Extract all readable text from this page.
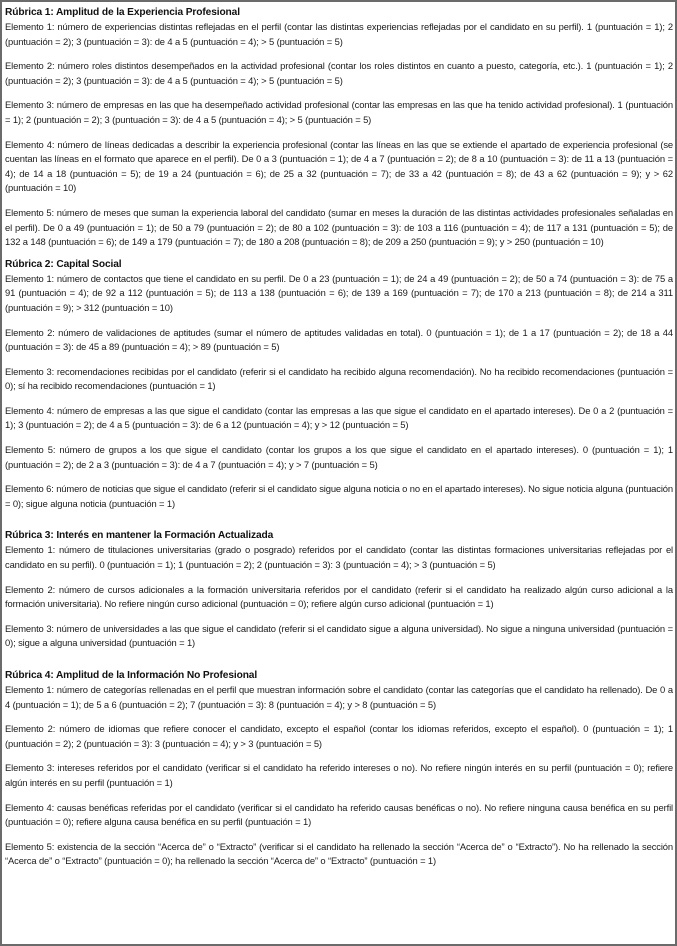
Rúbrica 1: Amplitud de la Experiencia Profesional

Elemento 1: número de experiencias distintas reflejadas en el perfil (contar las distintas experiencias reflejadas por el candidato en su perfil). 1 (puntuación = 1); 2 (puntuación = 2); 3 (puntuación = 3): de 4 a 5 (puntuación = 4); > 5 (puntuación = 5)

Elemento 2: número roles distintos desempeñados en la actividad profesional (contar los roles distintos en cuanto a puesto, categoría, etc.). 1 (puntuación = 1); 2 (puntuación = 2); 3 (puntuación = 3): de 4 a 5 (puntuación = 4); > 5 (puntuación = 5)

Elemento 3: número de empresas en las que ha desempeñado actividad profesional (contar las empresas en las que ha tenido actividad profesional). 1 (puntuación = 1); 2 (puntuación = 2); 3 (puntuación = 3): de 4 a 5 (puntuación = 4); > 5 (puntuación = 5)

Elemento 4: número de líneas dedicadas a describir la experiencia profesional (contar las líneas en las que se extiende el apartado de experiencia profesional (se cuentan las líneas en el formato que aparece en el perfil). De 0 a 3 (puntuación = 1); de 4 a 7 (puntuación = 2); de 8 a 10 (puntuación = 3): de 11 a 13 (puntuación = 4); de 14 a 18 (puntuación = 5); de 19 a 24 (puntuación = 6); de 25 a 32 (puntuación = 7); de 33 a 42 (puntuación = 8); de 43 a 62 (puntuación = 9); y > 62 (puntuación = 10)

Elemento 5: número de meses que suman la experiencia laboral del candidato (sumar en meses la duración de las distintas actividades profesionales señaladas en el perfil). De 0 a 49 (puntuación = 1); de 50 a 79 (puntuación = 2); de 80 a 102 (puntuación = 3): de 103 a 116 (puntuación = 4); de 117 a 131 (puntuación = 5); de 132 a 148 (puntuación = 6); de 149 a 179 (puntuación = 7); de 180 a 208 (puntuación = 8); de 209 a 250 (puntuación = 9); y > 250 (puntuación = 10)

Rúbrica 2: Capital Social

Elemento 1: número de contactos que tiene el candidato en su perfil. De 0 a 23 (puntuación = 1); de 24 a 49 (puntuación = 2); de 50 a 74 (puntuación = 3): de 75 a 91 (puntuación = 4); de 92 a 112 (puntuación = 5); de 113 a 138 (puntuación = 6); de 139 a 169 (puntuación = 7); de 170 a 213 (puntuación = 8); de 214 a 311 (puntuación = 9); > 312 (puntuación = 10)

Elemento 2: número de validaciones de aptitudes (sumar el número de aptitudes validadas en total). 0 (puntuación = 1); de 1 a 17 (puntuación = 2); de 18 a 44 (puntuación = 3): de 45 a 89 (puntuación = 4); > 89 (puntuación = 5)

Elemento 3: recomendaciones recibidas por el candidato (referir si el candidato ha recibido alguna recomendación). No ha recibido recomendaciones (puntuación = 0); sí ha recibido recomendaciones (puntuación = 1)

Elemento 4: número de empresas a las que sigue el candidato (contar las empresas a las que sigue el candidato en el apartado intereses). De 0 a 2 (puntuación = 1); 3 (puntuación = 2); de 4 a 5 (puntuación = 3): de 6 a 12 (puntuación = 4); y > 12 (puntuación = 5)

Elemento 5: número de grupos a los que sigue el candidato (contar los grupos a los que sigue el candidato en el apartado intereses). 0 (puntuación = 1); 1 (puntuación = 2); de 2 a 3 (puntuación = 3): de 4 a 7 (puntuación = 4); y > 7 (puntuación = 5)

Elemento 6: número de noticias que sigue el candidato (referir si el candidato sigue alguna noticia o no en el apartado intereses). No sigue noticia alguna (puntuación = 0); sigue alguna noticia (puntuación = 1)

Rúbrica 3: Interés en mantener la Formación Actualizada

Elemento 1: número de titulaciones universitarias (grado o posgrado) referidos por el candidato (contar las distintas formaciones universitarias reflejadas por el candidato en su perfil). 0 (puntuación = 1); 1 (puntuación = 2); 2 (puntuación = 3): 3 (puntuación = 4); > 3 (puntuación = 5)

Elemento 2: número de cursos adicionales a la formación universitaria referidos por el candidato (referir si el candidato ha realizado algún curso adicional a la formación universitaria). No refiere ningún curso adicional (puntuación = 0); refiere algún curso adicional (puntuación = 1)

Elemento 3: número de universidades a las que sigue el candidato (referir si el candidato sigue a alguna universidad). No sigue a ninguna universidad (puntuación = 0); sigue a alguna universidad (puntuación = 1)

Rúbrica 4: Amplitud de la Información No Profesional

Elemento 1: número de categorías rellenadas en el perfil que muestran información sobre el candidato (contar las categorías que el candidato ha rellenado). De 0 a 4 (puntuación = 1); de 5 a 6 (puntuación = 2); 7 (puntuación = 3): 8 (puntuación = 4); y > 8 (puntuación = 5)

Elemento 2: número de idiomas que refiere conocer el candidato, excepto el español (contar los idiomas referidos, excepto el español). 0 (puntuación = 1); 1 (puntuación = 2); 2 (puntuación = 3): 3 (puntuación = 4); y > 3 (puntuación = 5)

Elemento 3: intereses referidos por el candidato (verificar si el candidato ha referido intereses o no). No refiere ningún interés en su perfil (puntuación = 0); refiere algún interés en su perfil (puntuación = 1)

Elemento 4: causas benéficas referidas por el candidato (verificar si el candidato ha referido causas benéficas o no). No refiere ninguna causa benéfica en su perfil (puntuación = 0); refiere alguna causa benéfica en su perfil (puntuación = 1)

Elemento 5: existencia de la sección “Acerca de” o “Extracto” (verificar si el candidato ha rellenado la sección “Acerca de” o “Extracto”). No ha rellenado la sección “Acerca de” o “Extracto” (puntuación = 0); ha rellenado la sección “Acerca de” o “Extracto” (puntuación = 1)
